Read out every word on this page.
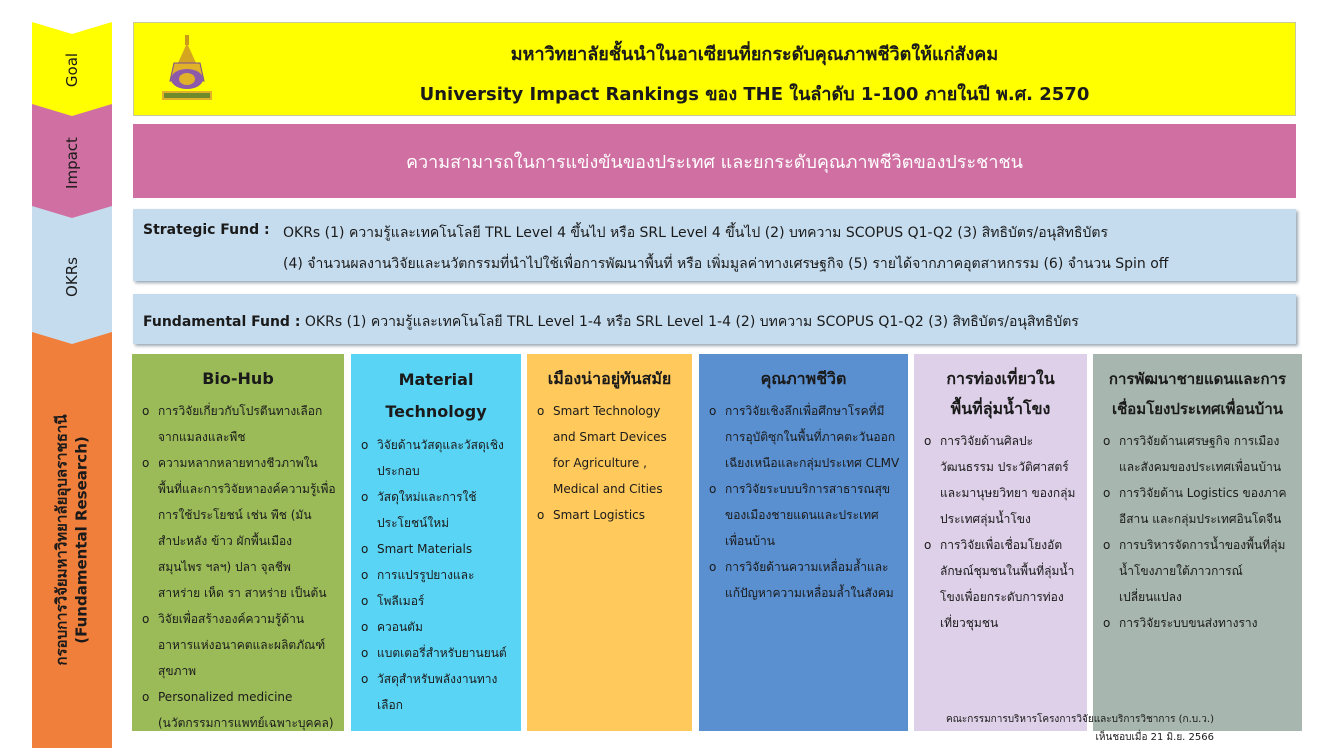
Goal
Impact
OKRs
กรอบการวิจัยมหาวิทยาลัยอุบลราชธานี (Fundamental Research)
มหาวิทยาลัยชั้นนำในอาเซียนที่ยกระดับคุณภาพชีวิตให้แก่สังคม
University Impact Rankings ของ THE ในลำดับ 1-100 ภายในปี พ.ศ. 2570
ความสามารถในการแข่งขันของประเทศ และยกระดับคุณภาพชีวิตของประชาชน
Strategic Fund : OKRs (1) ความรู้และเทคโนโลยี TRL Level 4 ขึ้นไป หรือ SRL Level 4 ขึ้นไป (2) บทความ SCOPUS Q1-Q2 (3) สิทธิบัตร/อนุสิทธิบัตร
(4) จำนวนผลงานวิจัยและนวัตกรรมที่นำไปใช้เพื่อการพัฒนาพื้นที่ หรือ เพิ่มมูลค่าทางเศรษฐกิจ (5) รายได้จากภาคอุตสาหกรรม (6) จำนวน Spin off
Fundamental Fund : OKRs (1) ความรู้และเทคโนโลยี TRL Level 1-4 หรือ SRL Level 1-4 (2) บทความ SCOPUS Q1-Q2 (3) สิทธิบัตร/อนุสิทธิบัตร
Bio-Hub
o การวิจัยเกี่ยวกับโปรตีนทางเลือกจากแมลงและพืช
o ความหลากหลายทางชีวภาพในพื้นที่และการวิจัยหาองค์ความรู้เพื่อการใช้ประโยชน์ เช่น พืช (มันสำปะหลัง ข้าว ผักพื้นเมือง สมุนไพร ฯลฯ) ปลา จุลชีพ สาหร่าย เห็ด รา สาหร่าย เป็นต้น
o วิจัยเพื่อสร้างองค์ความรู้ด้านอาหารแห่งอนาคตและผลิตภัณฑ์สุขภาพ
o Personalized medicine (นวัตกรรมการแพทย์เฉพาะบุคคล)
Material
Technology
o วิจัยด้านวัสดุและวัสดุเชิงประกอบ
o วัสดุใหม่และการใช้ประโยชน์ใหม่
o Smart Materials
o การแปรรูปยางและ
o โพลีเมอร์
o ควอนตัม
o แบตเตอรี่สำหรับยานยนต์
o วัสดุสำหรับพลังงานทางเลือก
เมืองน่าอยู่ทันสมัย
o Smart Technology and Smart Devices for Agriculture , Medical and Cities
o Smart Logistics
คุณภาพชีวิต
o การวิจัยเชิงลึกเพื่อศึกษาโรคที่มีการอุบัติซุกในพื้นที่ภาคตะวันออกเฉียงเหนือและกลุ่มประเทศ CLMV
o การวิจัยระบบบริการสาธารณสุขของเมืองชายแดนและประเทศเพื่อนบ้าน
o การวิจัยด้านความเหลื่อมล้ำและแก้ปัญหาความเหลื่อมล้ำในสังคม
การท่องเที่ยวใน
พื้นที่ลุ่มน้ำโขง
o การวิจัยด้านศิลปะ วัฒนธรรม ประวัติศาสตร์ และมานุษยวิทยา ของกลุ่มประเทศลุ่มน้ำโขง
o การวิจัยเพื่อเชื่อมโยงอัตลักษณ์ชุมชนในพื้นที่ลุ่มน้ำโขงเพื่อยกระดับการท่องเที่ยวชุมชน
การพัฒนาชายแดนและการ
เชื่อมโยงประเทศเพื่อนบ้าน
o การวิจัยด้านเศรษฐกิจ การเมืองและสังคมของประเทศเพื่อนบ้าน
o การวิจัยด้าน Logistics ของภาคอีสาน และกลุ่มประเทศอินโดจีน
o การบริหารจัดการน้ำของพื้นที่ลุ่มน้ำโขงภายใต้ภาวการณ์เปลี่ยนแปลง
o การวิจัยระบบขนส่งทางราง
คณะกรรมการบริหารโครงการวิจัยและบริการวิชาการ (ก.บ.ว.)
เห็นชอบเมื่อ 21 มิ.ย. 2566
